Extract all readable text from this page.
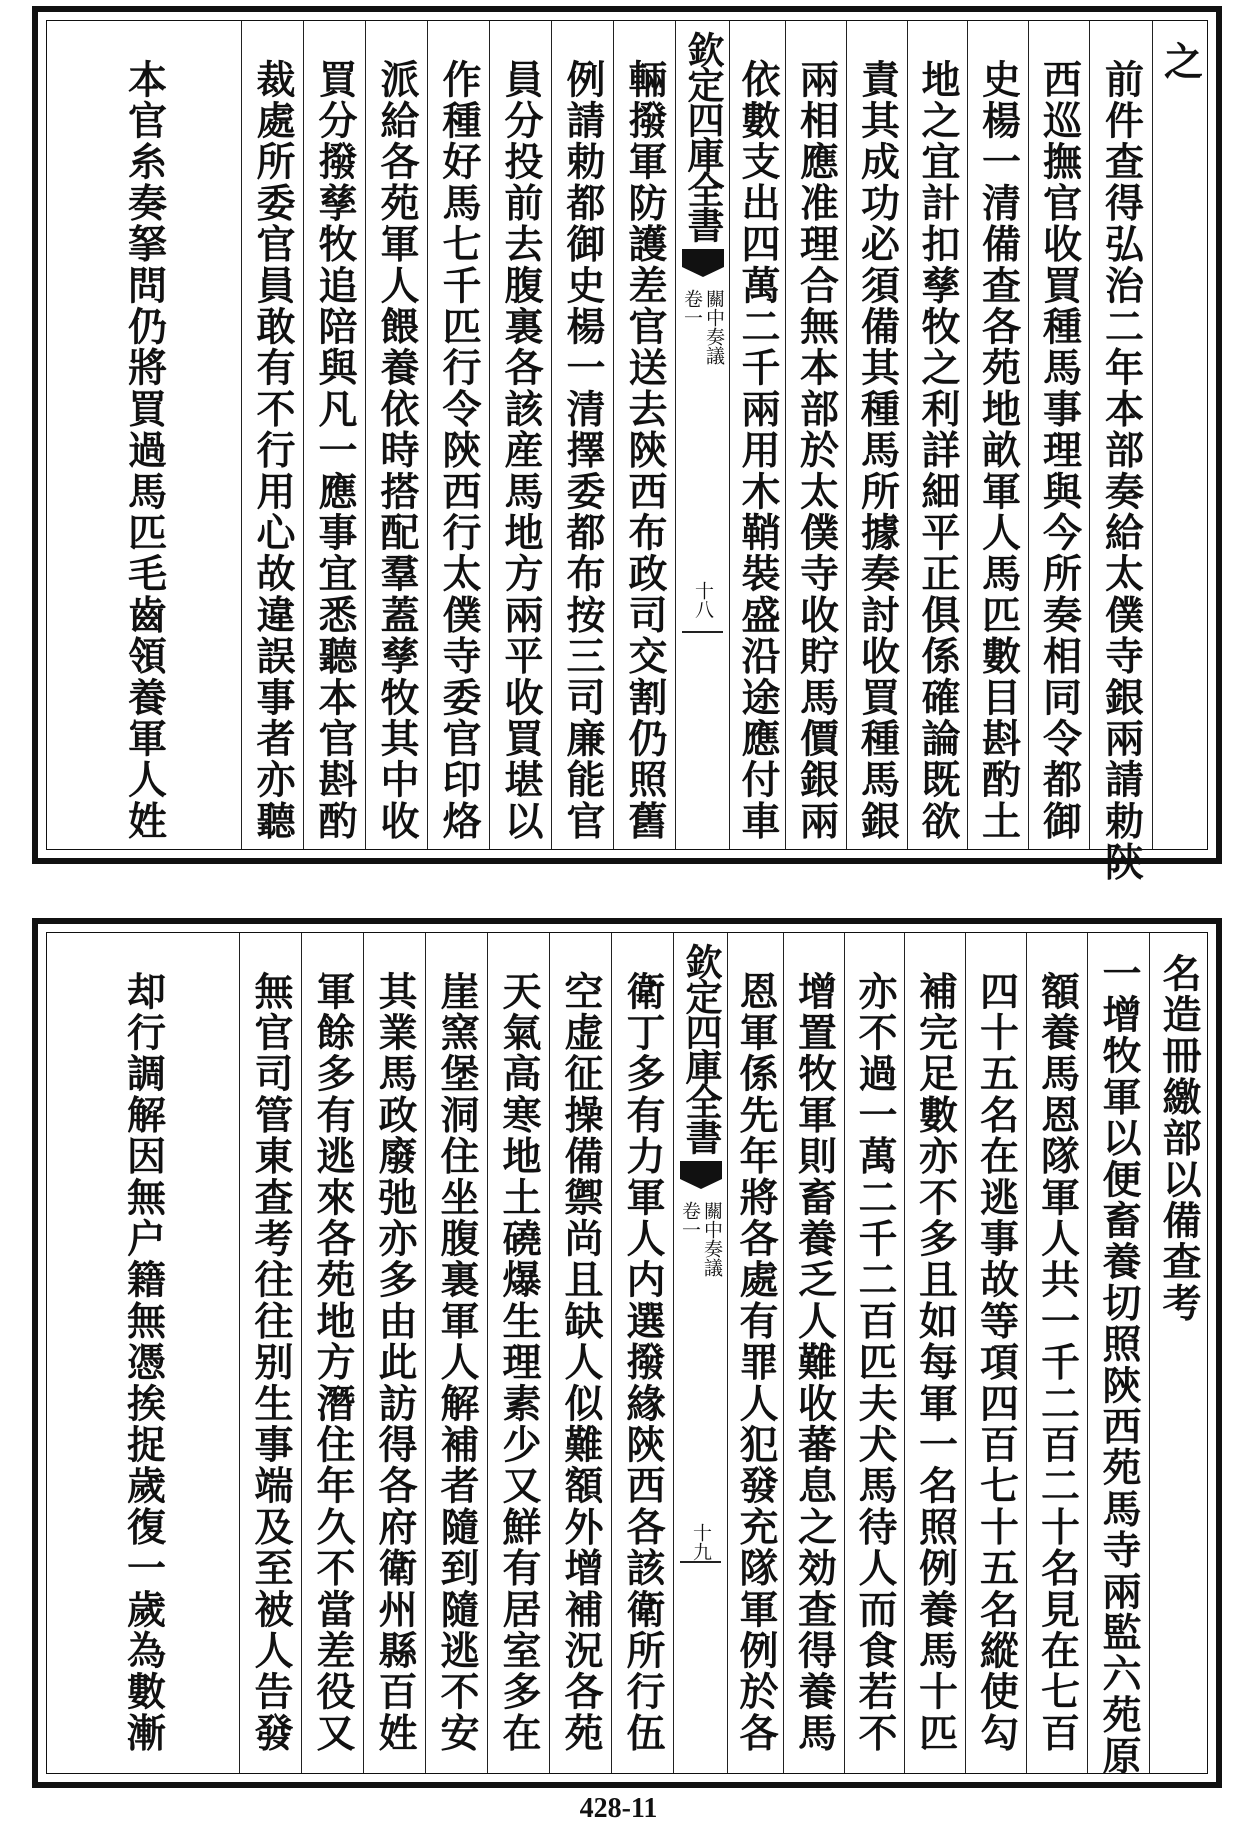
之
前件查得弘治二年本部奏給太僕寺銀兩請勅陝
西巡撫官收買種馬事理與今所奏相同令都御
史楊一清備查各苑地畝軍人馬匹數目斟酌土
地之宜計扣孳牧之利詳細平正俱係確論既欲
責其成功必須備其種馬所據奏討收買種馬銀
兩相應准理合無本部於太僕寺收貯馬價銀兩
依數支出四萬二千兩用木鞘裝盛沿途應付車
欽定四庫全書
關中奏議
卷一
十八
輛撥軍防護差官送去陝西布政司交割仍照舊
例請勅都御史楊一清擇委都布按三司廉能官
員分投前去腹裏各該産馬地方兩平收買堪以
作種好馬七千匹行令陝西行太僕寺委官印烙
派給各苑軍人餵養依時搭配羣蓋孳牧其中收
買分撥孳牧追陪與凡一應事宜悉聽本官斟酌
裁處所委官員敢有不行用心故違誤事者亦聽
本官糸奏拏問仍將買過馬匹毛齒領養軍人姓
名造冊繳部以備查考
一增牧軍以便畜養切照陝西苑馬寺兩監六苑原
額養馬恩隊軍人共一千二百二十名見在七百
四十五名在逃事故等項四百七十五名縱使勾
補完足數亦不多且如每軍一名照例養馬十匹
亦不過一萬二千二百匹夫犬馬待人而食若不
增置牧軍則畜養乏人難收蕃息之効查得養馬
恩軍係先年將各處有罪人犯發充隊軍例於各
欽定四庫全書
關中奏議
卷一
十九
衛丁多有力軍人内選撥緣陝西各該衛所行伍
空虚征操備禦尚且缺人似難額外增補況各苑
天氣高寒地土磽爆生理素少又鮮有居室多在
崖窯堡洞住坐腹裏軍人解補者隨到隨逃不安
其業馬政廢弛亦多由此訪得各府衛州縣百姓
軍餘多有逃來各苑地方潛住年久不當差役又
無官司管東查考往往别生事端及至被人告發
却行調解因無户籍無憑挨捉歲復一歲為數漸
428-11
